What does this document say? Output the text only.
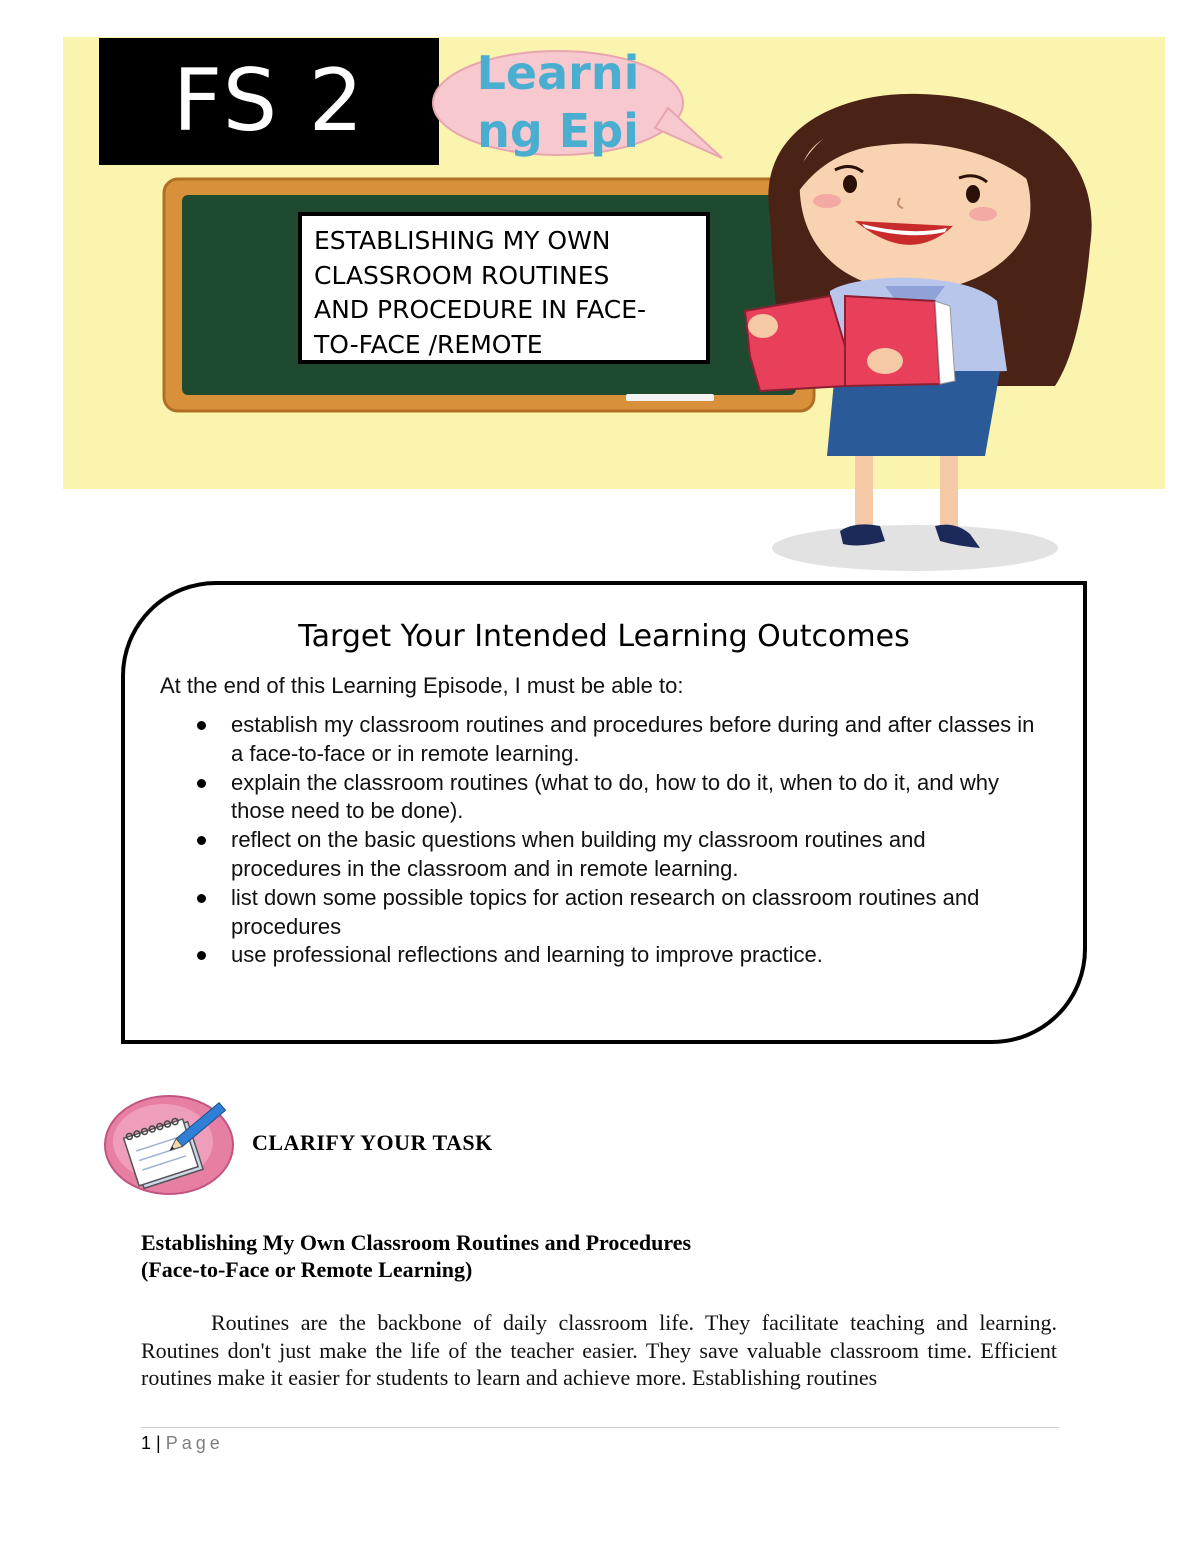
FS 2	Learning Epi
ESTABLISHING MY OWN
CLASSROOM ROUTINES
AND PROCEDURE IN FACE-
TO-FACE /REMOTE
Target Your Intended Learning Outcomes
At the end of this Learning Episode, I must be able to:
establish my classroom routines and procedures before during and after classes in a face-to-face or in remote learning.
explain the classroom routines (what to do, how to do it, when to do it, and why those need to be done).
reflect on the basic questions when building my classroom routines and procedures in the classroom and in remote learning.
list down some possible topics for action research on classroom routines and procedures
use professional reflections and learning to improve practice.
CLARIFY YOUR TASK
Establishing My Own Classroom Routines and Procedures
(Face-to-Face or Remote Learning)
Routines are the backbone of daily classroom life. They facilitate teaching and learning. Routines don't just make the life of the teacher easier. They save valuable classroom time. Efficient routines make it easier for students to learn and achieve more. Establishing routines
1 | Page
